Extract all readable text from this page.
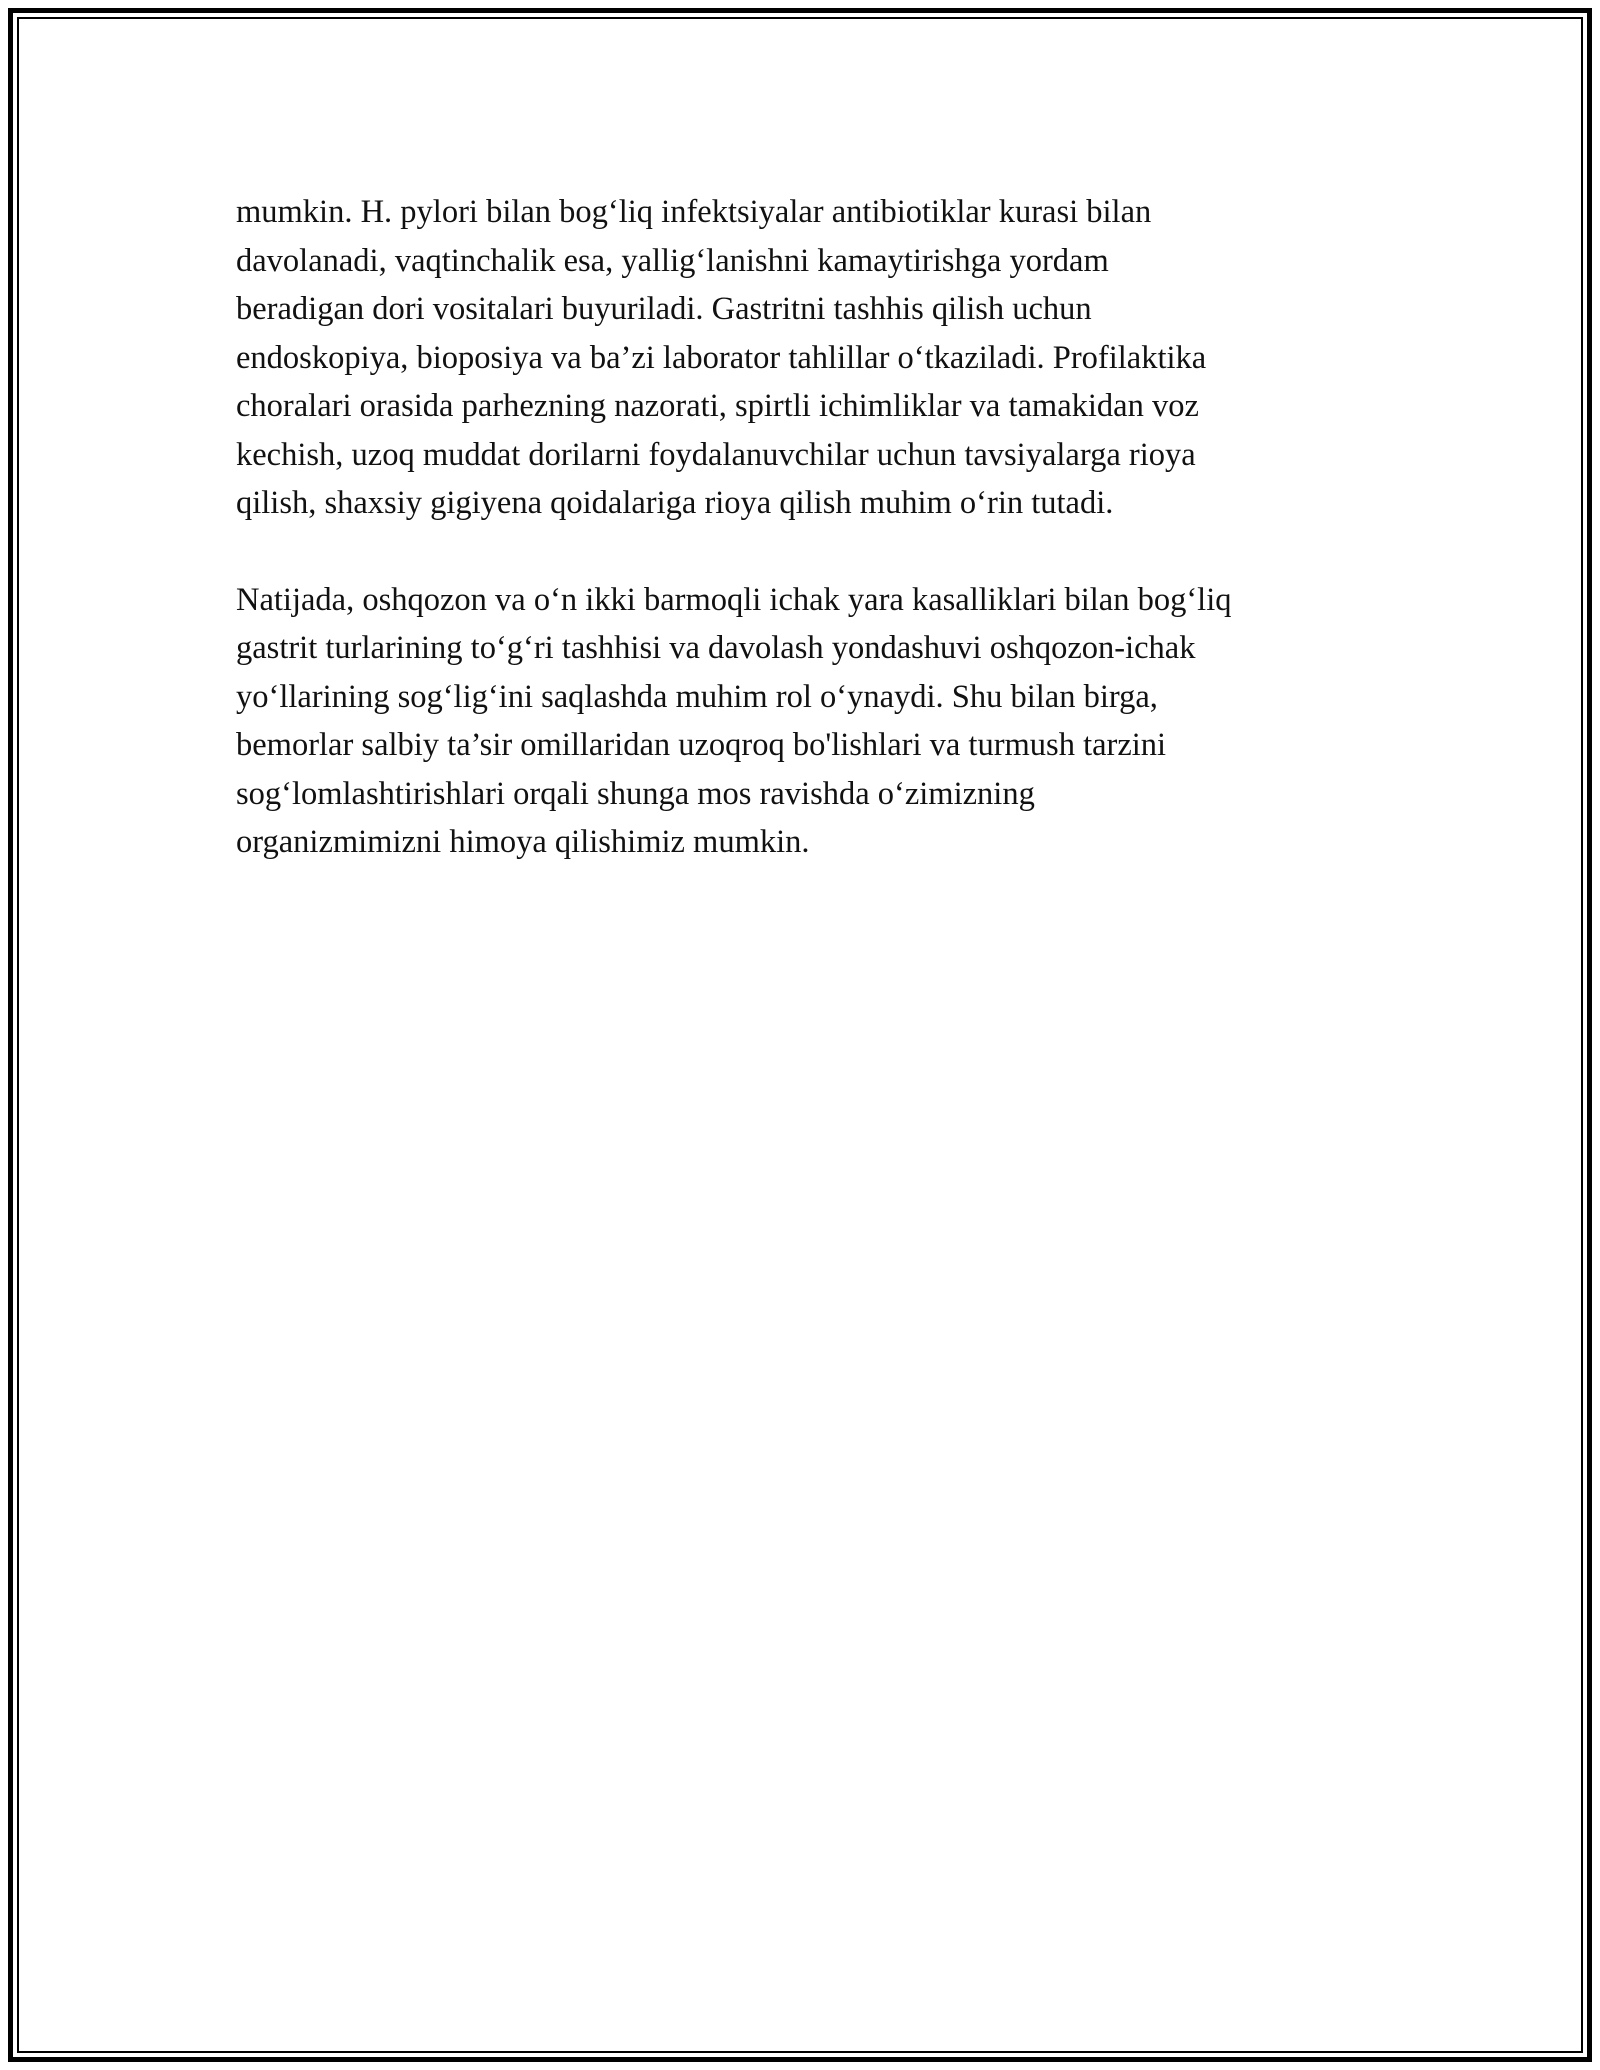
mumkin. H. pylori bilan bog‘liq infektsiyalar antibiotiklar kurasi bilan
davolanadi, vaqtinchalik esa, yallig‘lanishni kamaytirishga yordam
beradigan dori vositalari buyuriladi. Gastritni tashhis qilish uchun
endoskopiya, bioposiya va ba’zi laborator tahlillar o‘tkaziladi. Profilaktika
choralari orasida parhezning nazorati, spirtli ichimliklar va tamakidan voz
kechish, uzoq muddat dorilarni foydalanuvchilar uchun tavsiyalarga rioya
qilish, shaxsiy gigiyena qoidalariga rioya qilish muhim o‘rin tutadi.

Natijada, oshqozon va o‘n ikki barmoqli ichak yara kasalliklari bilan bog‘liq
gastrit turlarining to‘g‘ri tashhisi va davolash yondashuvi oshqozon-ichak
yo‘llarining sog‘lig‘ini saqlashda muhim rol o‘ynaydi. Shu bilan birga,
bemorlar salbiy ta’sir omillaridan uzoqroq bo'lishlari va turmush tarzini
sog‘lomlashtirishlari orqali shunga mos ravishda o‘zimizning
organizmimizni himoya qilishimiz mumkin.
